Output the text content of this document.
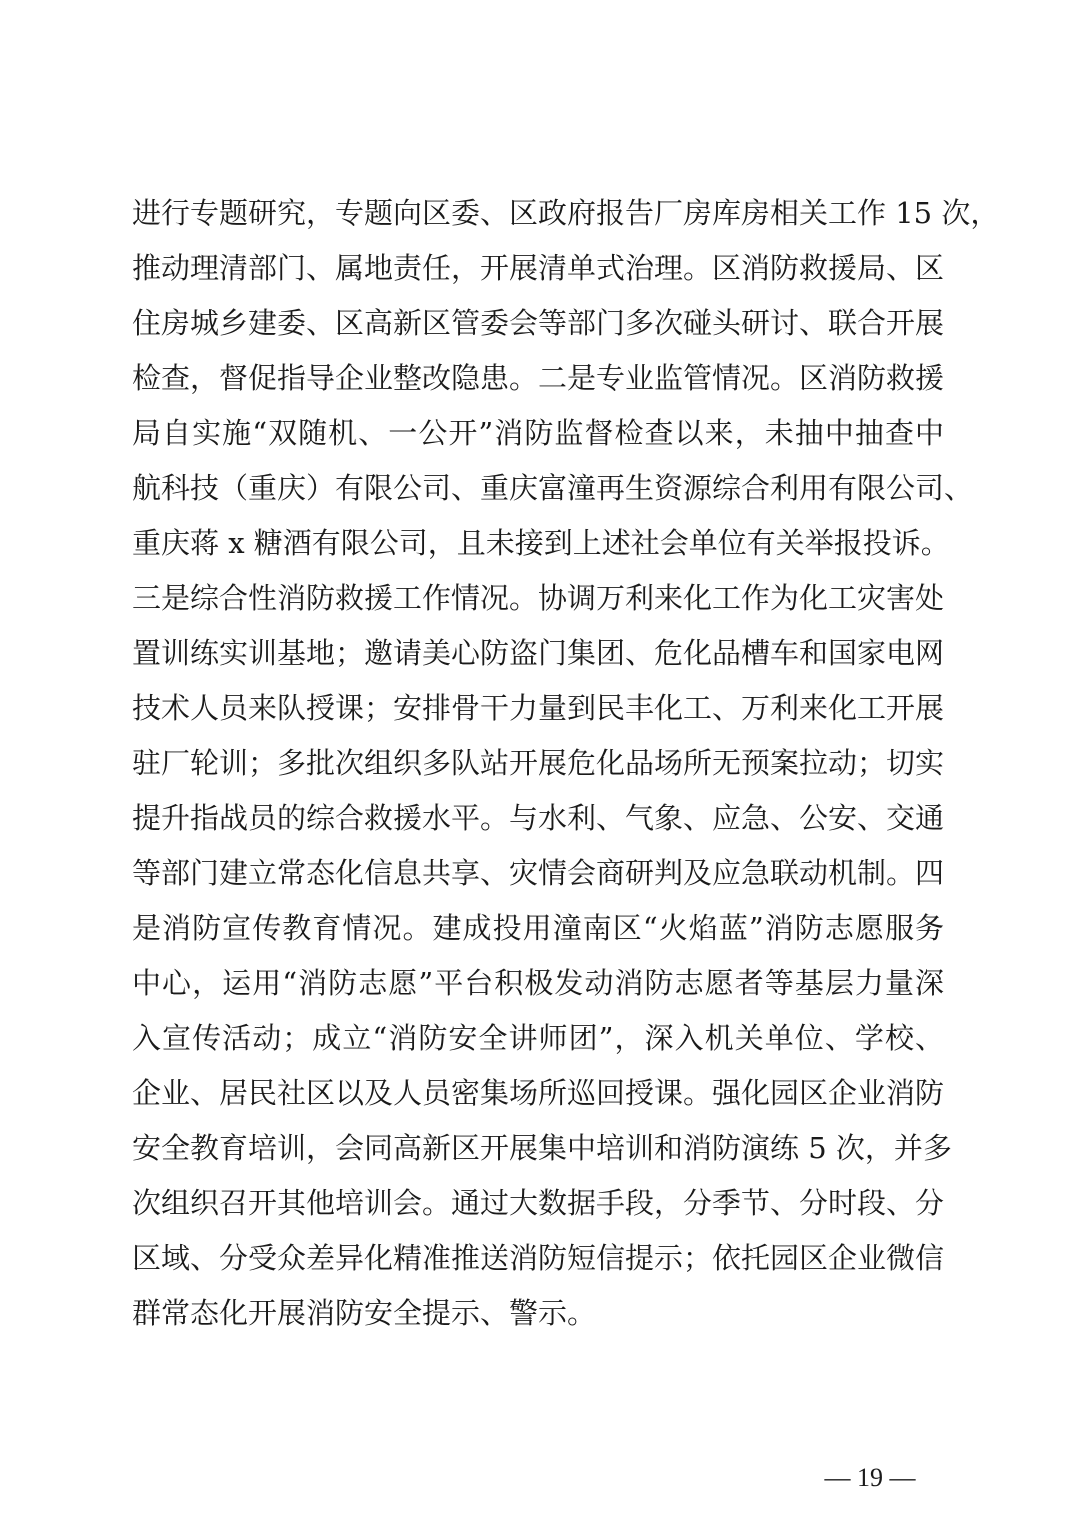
进行专题研究，专题向区委、区政府报告厂房库房相关工作 15 次，
推动理清部门、属地责任，开展清单式治理。区消防救援局、区
住房城乡建委、区高新区管委会等部门多次碰头研讨、联合开展
检查，督促指导企业整改隐患。二是专业监管情况。区消防救援
局自实施“双随机、一公开”消防监督检查以来，未抽中抽查中
航科技（重庆）有限公司、重庆富潼再生资源综合利用有限公司、
重庆蒋 x 糖酒有限公司，且未接到上述社会单位有关举报投诉。
三是综合性消防救援工作情况。协调万利来化工作为化工灾害处
置训练实训基地；邀请美心防盗门集团、危化品槽车和国家电网
技术人员来队授课；安排骨干力量到民丰化工、万利来化工开展
驻厂轮训；多批次组织多队站开展危化品场所无预案拉动；切实
提升指战员的综合救援水平。与水利、气象、应急、公安、交通
等部门建立常态化信息共享、灾情会商研判及应急联动机制。四
是消防宣传教育情况。建成投用潼南区“火焰蓝”消防志愿服务
中心，运用“消防志愿”平台积极发动消防志愿者等基层力量深
入宣传活动；成立“消防安全讲师团”，深入机关单位、学校、
企业、居民社区以及人员密集场所巡回授课。强化园区企业消防
安全教育培训，会同高新区开展集中培训和消防演练 5 次，并多
次组织召开其他培训会。通过大数据手段，分季节、分时段、分
区域、分受众差异化精准推送消防短信提示；依托园区企业微信
群常态化开展消防安全提示、警示。
— 19 —
